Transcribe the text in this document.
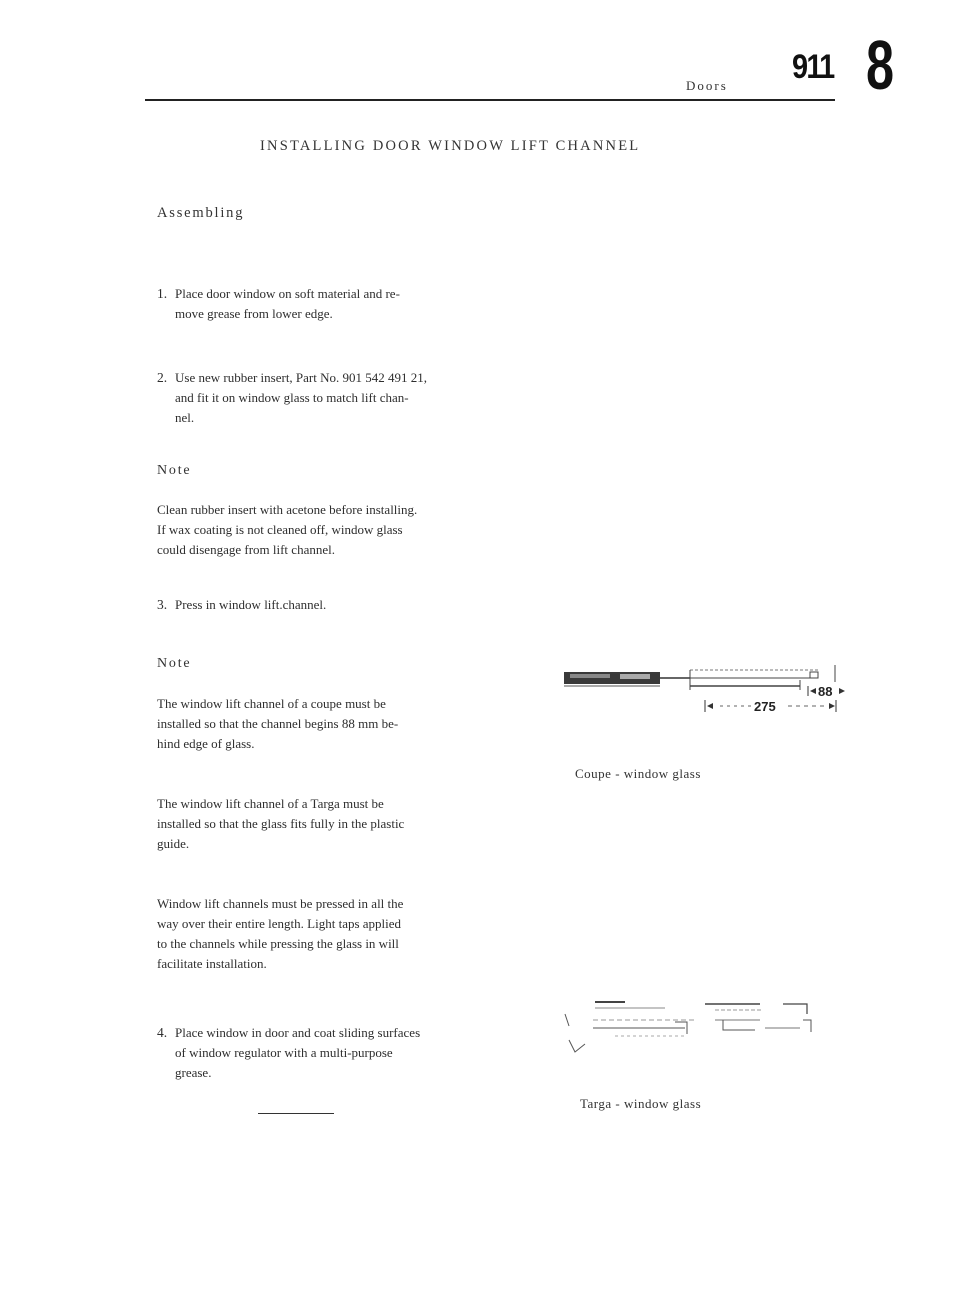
Doors 911 8
INSTALLING DOOR WINDOW LIFT CHANNEL
Assembling
1. Place door window on soft material and re-
move grease from lower edge.
2. Use new rubber insert, Part No. 901 542 491 21,
and fit it on window glass to match lift chan-
nel.
Note
Clean rubber insert with acetone before installing.
If wax coating is not cleaned off, window glass
could disengage from lift channel.
3. Press in window lift.channel.
Note
The window lift channel of a coupe must be
installed so that the channel begins 88 mm be-
hind edge of glass.
The window lift channel of a Targa must be
installed so that the glass fits fully in the plastic
guide.
Window lift channels must be pressed in all the
way over their entire length. Light taps applied
to the channels while pressing the glass in will
facilitate installation.
4. Place window in door and coat sliding surfaces
of window regulator with a multi-purpose
grease.
88
275
Coupe - window glass
Targa - window glass
